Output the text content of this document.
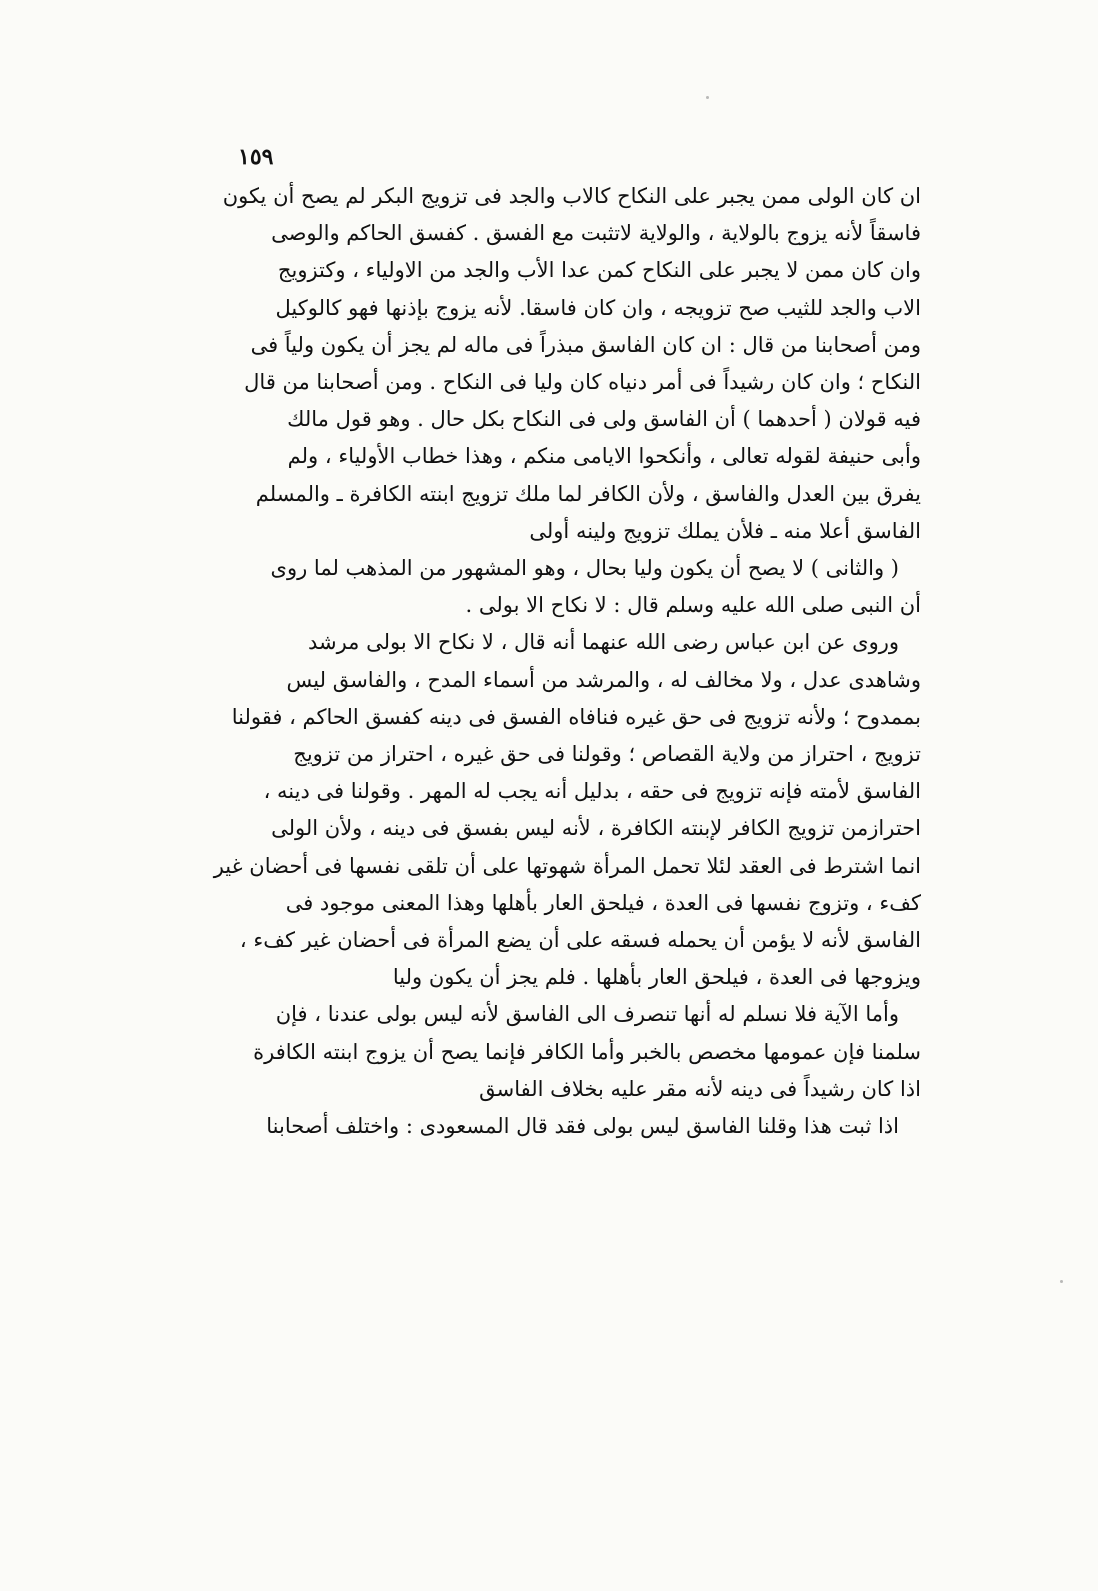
١٥٩
ان كان الولى ممن يجبر على النكاح كالاب والجد فى تزويج البكر لم يصح أن يكون
فاسقاً لأنه يزوج بالولاية ، والولاية لاتثبت مع الفسق . كفسق الحاكم والوصى
وان كان ممن لا يجبر على النكاح كمن عدا الأب والجد من الاولياء ، وكتزويج
الاب والجد للثيب صح تزويجه ، وان كان فاسقا. لأنه يزوج بإذنها فهو كالوكيل
ومن أصحابنا من قال : ان كان الفاسق مبذراً فى ماله لم يجز أن يكون ولياً فى
النكاح ؛ وان كان رشيداً فى أمر دنياه كان وليا فى النكاح . ومن أصحابنا من قال
فيه قولان ( أحدهما ) أن الفاسق ولى فى النكاح بكل حال . وهو قول مالك
وأبى حنيفة لقوله تعالى ، وأنكحوا الايامى منكم ، وهذا خطاب الأولياء ، ولم
يفرق بين العدل والفاسق ، ولأن الكافر لما ملك تزويج ابنته الكافرة ـ والمسلم
الفاسق أعلا منه ـ فلأن يملك تزويج ولينه أولى
( والثانى ) لا يصح أن يكون وليا بحال ، وهو المشهور من المذهب لما روى
أن النبى صلى الله عليه وسلم قال : لا نكاح الا بولى .
وروى عن ابن عباس رضى الله عنهما أنه قال ، لا نكاح الا بولى مرشد
وشاهدى عدل ، ولا مخالف له ، والمرشد من أسماء المدح ، والفاسق ليس
بممدوح ؛ ولأنه تزويج فى حق غيره فنافاه الفسق فى دينه كفسق الحاكم ، فقولنا
تزويج ، احتراز من ولاية القصاص ؛ وقولنا فى حق غيره ، احتراز من تزويج
الفاسق لأمته فإنه تزويج فى حقه ، بدليل أنه يجب له المهر . وقولنا فى دينه ،
احترازمن تزويج الكافر لإبنته الكافرة ، لأنه ليس بفسق فى دينه ، ولأن الولى
انما اشترط فى العقد لئلا تحمل المرأة شهوتها على أن تلقى نفسها فى أحضان غير
كفء ، وتزوج نفسها فى العدة ، فيلحق العار بأهلها وهذا المعنى موجود فى
الفاسق لأنه لا يؤمن أن يحمله فسقه على أن يضع المرأة فى أحضان غير كفء ،
ويزوجها فى العدة ، فيلحق العار بأهلها . فلم يجز أن يكون وليا
وأما الآية فلا نسلم له أنها تنصرف الى الفاسق لأنه ليس بولى عندنا ، فإن
سلمنا فإن عمومها مخصص بالخبر وأما الكافر فإنما يصح أن يزوج ابنته الكافرة
اذا كان رشيداً فى دينه لأنه مقر عليه بخلاف الفاسق
اذا ثبت هذا وقلنا الفاسق ليس بولى فقد قال المسعودى : واختلف أصحابنا
